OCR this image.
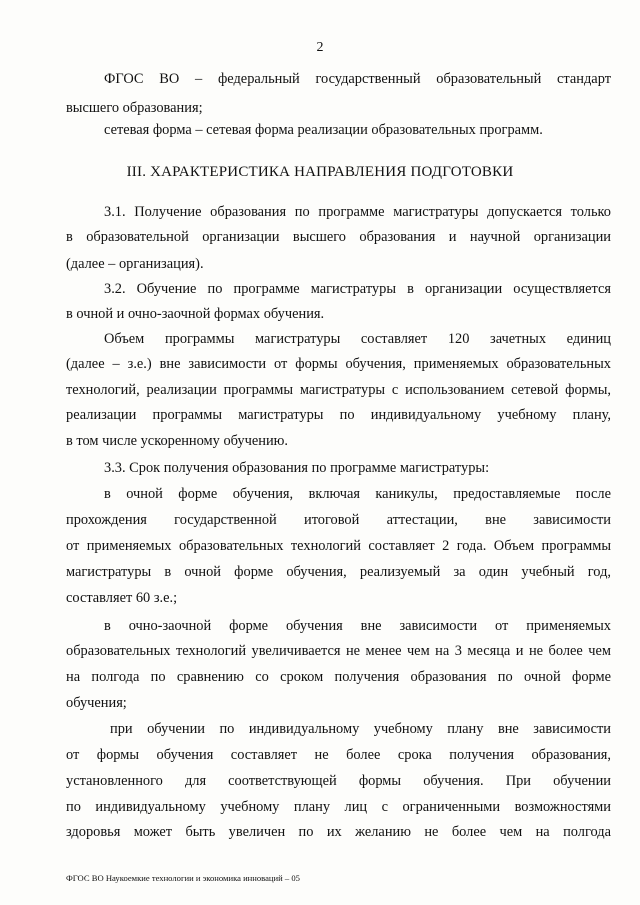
2
ФГОС ВО – федеральный государственный образовательный стандарт
высшего образования;
сетевая форма – сетевая форма реализации образовательных программ.
III. ХАРАКТЕРИСТИКА НАПРАВЛЕНИЯ ПОДГОТОВКИ
3.1. Получение образования по программе магистратуры допускается только
в образовательной организации высшего образования и научной организации
(далее – организация).
3.2. Обучение по программе магистратуры в организации осуществляется
в очной и очно-заочной формах обучения.
Объем программы магистратуры составляет 120 зачетных единиц
(далее – з.е.) вне зависимости от формы обучения, применяемых образовательных
технологий, реализации программы магистратуры с использованием сетевой формы,
реализации программы магистратуры по индивидуальному учебному плану,
в том числе ускоренному обучению.
3.3. Срок получения образования по программе магистратуры:
в очной форме обучения, включая каникулы, предоставляемые после
прохождения государственной итоговой аттестации, вне зависимости
от применяемых образовательных технологий составляет 2 года. Объем программы
магистратуры в очной форме обучения, реализуемый за один учебный год,
составляет 60 з.е.;
в очно-заочной форме обучения вне зависимости от применяемых
образовательных технологий увеличивается не менее чем на 3 месяца и не более чем
на полгода по сравнению со сроком получения образования по очной форме
обучения;
при обучении по индивидуальному учебному плану вне зависимости
от формы обучения составляет не более срока получения образования,
установленного для соответствующей формы обучения. При обучении
по индивидуальному учебному плану лиц с ограниченными возможностями
здоровья может быть увеличен по их желанию не более чем на полгода
ФГОС ВО Наукоемкие технологии и экономика инноваций – 05
